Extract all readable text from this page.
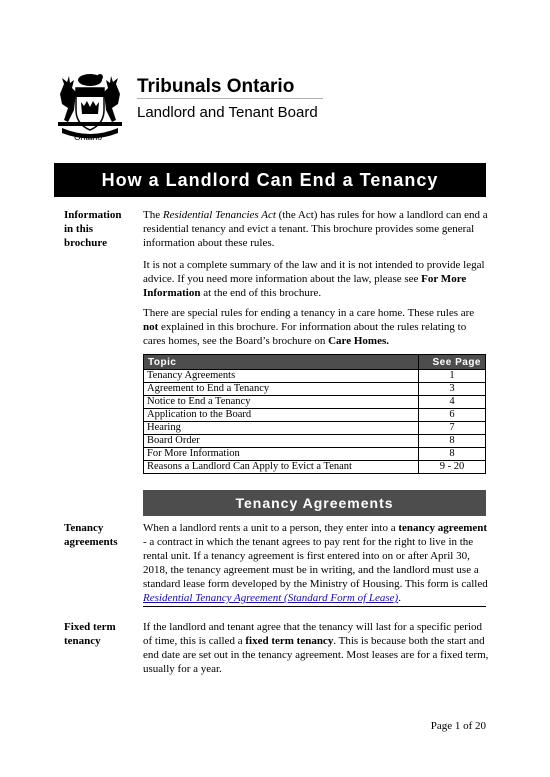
Ontario
Tribunals Ontario
Landlord and Tenant Board
How a Landlord Can End a Tenancy
Information
in this
brochure
The Residential Tenancies Act (the Act) has rules for how a landlord can end a residential tenancy and evict a tenant. This brochure provides some general information about these rules.
It is not a complete summary of the law and it is not intended to provide legal advice. If you need more information about the law, please see For More Information at the end of this brochure.
There are special rules for ending a tenancy in a care home. These rules are not explained in this brochure. For information about the rules relating to cares homes, see the Board’s brochure on Care Homes.
Topic	See Page
Tenancy Agreements	1
Agreement to End a Tenancy	3
Notice to End a Tenancy	4
Application to the Board	6
Hearing	7
Board Order	8
For More Information	8
Reasons a Landlord Can Apply to Evict a Tenant	9 - 20
Tenancy Agreements
Tenancy
agreements
When a landlord rents a unit to a person, they enter into a tenancy agreement - a contract in which the tenant agrees to pay rent for the right to live in the rental unit. If a tenancy agreement is first entered into on or after April 30, 2018, the tenancy agreement must be in writing, and the landlord must use a standard lease form developed by the Ministry of Housing. This form is called Residential Tenancy Agreement (Standard Form of Lease).
Fixed term
tenancy
If the landlord and tenant agree that the tenancy will last for a specific period of time, this is called a fixed term tenancy. This is because both the start and end date are set out in the tenancy agreement. Most leases are for a fixed term, usually for a year.
Page 1 of 20
